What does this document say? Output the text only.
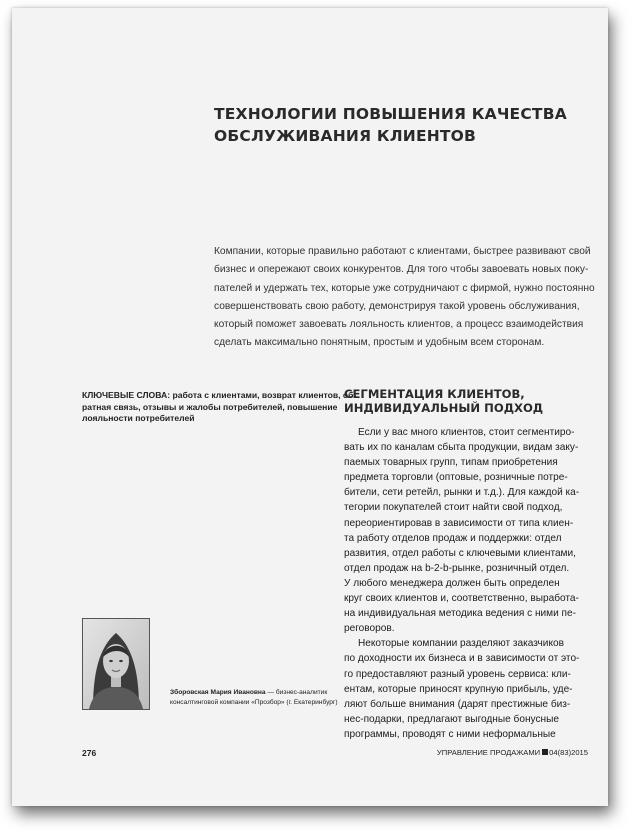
ТЕХНОЛОГИИ ПОВЫШЕНИЯ КАЧЕСТВА
ОБСЛУЖИВАНИЯ КЛИЕНТОВ
Компании, которые правильно работают с клиентами, быстрее развивают свой
бизнес и опережают своих конкурентов. Для того чтобы завоевать новых поку-
пателей и удержать тех, которые уже сотрудничают с фирмой, нужно постоянно
совершенствовать свою работу, демонстрируя такой уровень обслуживания,
который поможет завоевать лояльность клиентов, а процесс взаимодействия
сделать максимально понятным, простым и удобным всем сторонам.
КЛЮЧЕВЫЕ СЛОВА: работа с клиентами, возврат клиентов, об-
ратная связь, отзывы и жалобы потребителей, повышение
лояльности потребителей
СЕГМЕНТАЦИЯ КЛИЕНТОВ,
ИНДИВИДУАЛЬНЫЙ ПОДХОД
Если у вас много клиентов, стоит сегментиро-
вать их по каналам сбыта продукции, видам заку-
паемых товарных групп, типам приобретения
предмета торговли (оптовые, розничные потре-
бители, сети ретейл, рынки и т.д.). Для каждой ка-
тегории покупателей стоит найти свой подход,
переориентировав в зависимости от типа клиен-
та работу отделов продаж и поддержки: отдел
развития, отдел работы с ключевыми клиентами,
отдел продаж на b-2-b-рынке, розничный отдел.
У любого менеджера должен быть определен
круг своих клиентов и, соответственно, выработа-
на индивидуальная методика ведения с ними пе-
реговоров.
Некоторые компании разделяют заказчиков
по доходности их бизнеса и в зависимости от это-
го предоставляют разный уровень сервиса: кли-
ентам, которые приносят крупную прибыль, уде-
ляют больше внимания (дарят престижные биз-
нес-подарки, предлагают выгодные бонусные
программы, проводят с ними неформальные
Зборовская Мария Ивановна — бизнес-аналитик
консалтинговой компании «Прозбор» (г. Екатеринбург)
276	УПРАВЛЕНИЕ ПРОДАЖАМИ 04(83)2015
